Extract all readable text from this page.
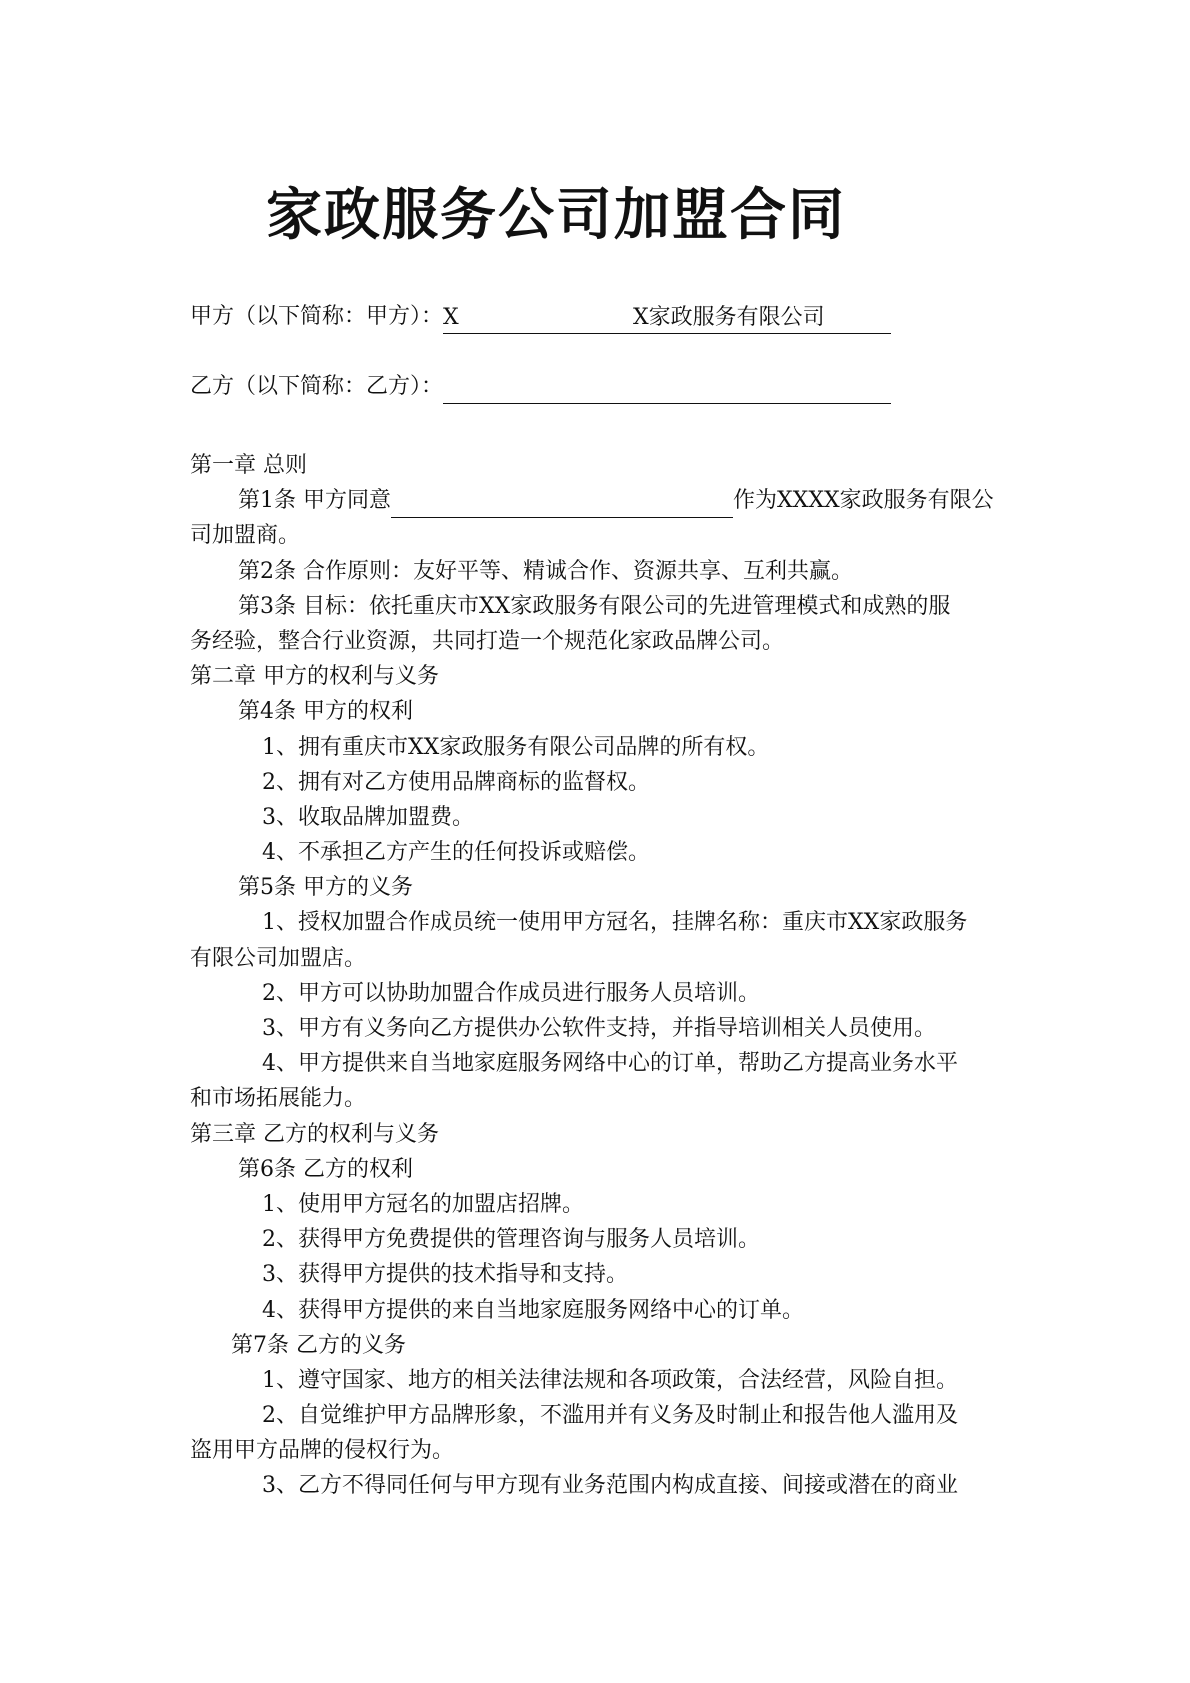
家政服务公司加盟合同
甲方（以下简称：甲方）： X	X家政服务有限公司
乙方（以下简称：乙方）：
第一章 总则
第1条 甲方同意	作为XXXX家政服务有限公
司加盟商。
第2条 合作原则：友好平等、精诚合作、资源共享、互利共赢。
第3条 目标：依托重庆市XX家政服务有限公司的先进管理模式和成熟的服
务经验，整合行业资源，共同打造一个规范化家政品牌公司。
第二章 甲方的权利与义务
第4条 甲方的权利
1、拥有重庆市XX家政服务有限公司品牌的所有权。
2、拥有对乙方使用品牌商标的监督权。
3、收取品牌加盟费。
4、不承担乙方产生的任何投诉或赔偿。
第5条 甲方的义务
1、授权加盟合作成员统一使用甲方冠名，挂牌名称：重庆市XX家政服务
有限公司加盟店。
2、甲方可以协助加盟合作成员进行服务人员培训。
3、甲方有义务向乙方提供办公软件支持，并指导培训相关人员使用。
4、甲方提供来自当地家庭服务网络中心的订单，帮助乙方提高业务水平
和市场拓展能力。
第三章 乙方的权利与义务
第6条 乙方的权利
1、使用甲方冠名的加盟店招牌。
2、获得甲方免费提供的管理咨询与服务人员培训。
3、获得甲方提供的技术指导和支持。
4、获得甲方提供的来自当地家庭服务网络中心的订单。
第7条 乙方的义务
1、遵守国家、地方的相关法律法规和各项政策，合法经营，风险自担。
2、自觉维护甲方品牌形象，不滥用并有义务及时制止和报告他人滥用及
盗用甲方品牌的侵权行为。
3、乙方不得同任何与甲方现有业务范围内构成直接、间接或潜在的商业
